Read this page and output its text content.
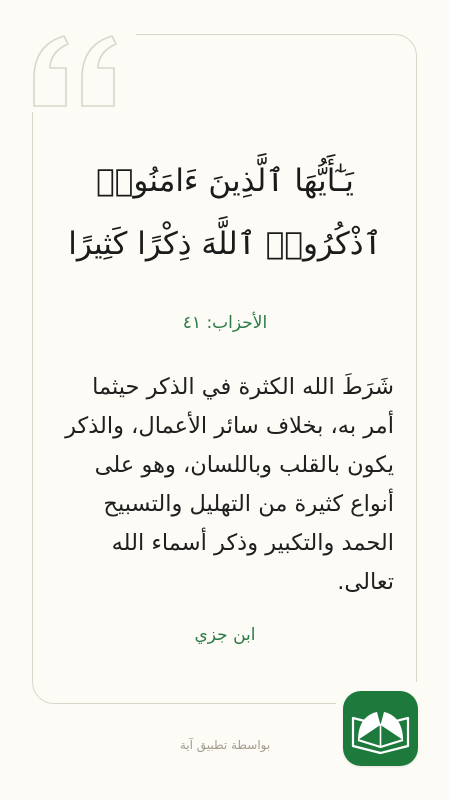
يَـٰٓأَيُّهَا ٱلَّذِينَ ءَامَنُوا۟ ٱذْكُرُوا۟ ٱللَّهَ ذِكْرًا كَثِيرًا
الأحزاب: ٤١
شَرَطَ الله الكثرة في الذكر حيثما أمر به، بخلاف سائر الأعمال، والذكر يكون بالقلب وباللسان، وهو على أنواع كثيرة من التهليل والتسبيح الحمد والتكبير وذكر أسماء الله تعالى.
ابن جزي
بواسطة تطبيق آية
